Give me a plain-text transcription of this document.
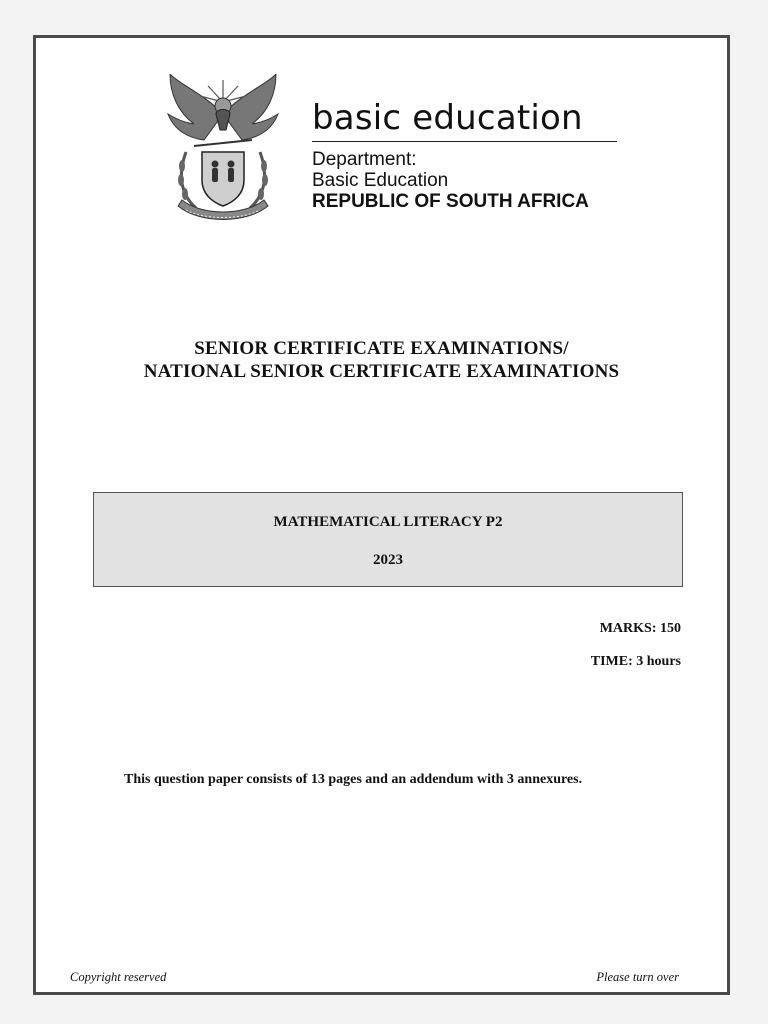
basic education
Department:
Basic Education
REPUBLIC OF SOUTH AFRICA
SENIOR CERTIFICATE EXAMINATIONS/
NATIONAL SENIOR CERTIFICATE EXAMINATIONS
MATHEMATICAL LITERACY P2
2023
MARKS: 150
TIME: 3 hours
This question paper consists of 13 pages and an addendum with 3 annexures.
Copyright reserved	Please turn over
